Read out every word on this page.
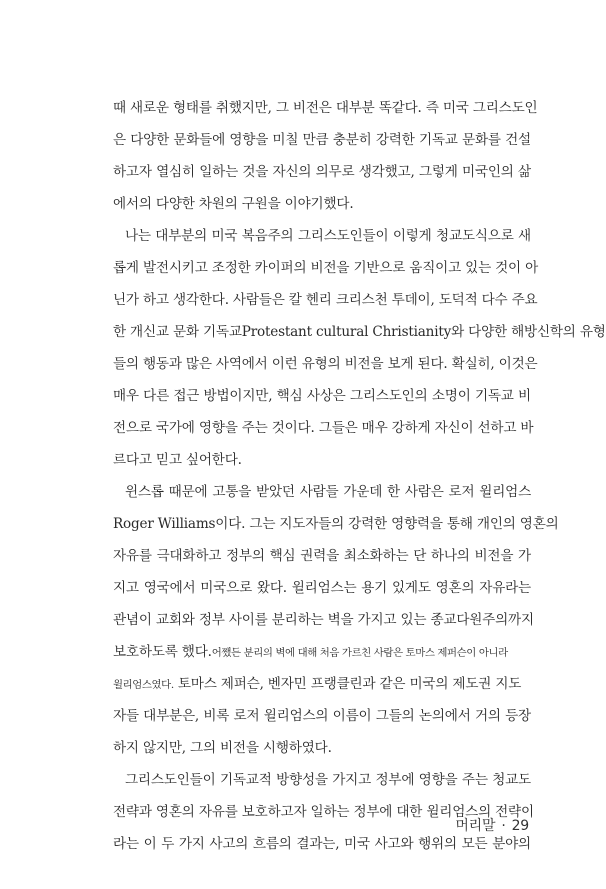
때 새로운 형태를 취했지만, 그 비전은 대부분 똑같다. 즉 미국 그리스도인
은 다양한 문화들에 영향을 미칠 만큼 충분히 강력한 기독교 문화를 건설
하고자 열심히 일하는 것을 자신의 의무로 생각했고, 그렇게 미국인의 삶
에서의 다양한 차원의 구원을 이야기했다.
나는 대부분의 미국 복음주의 그리스도인들이 이렇게 청교도식으로 새
롭게 발전시키고 조정한 카이퍼의 비전을 기반으로 움직이고 있는 것이 아
닌가 하고 생각한다. 사람들은 칼 헨리 크리스천 투데이, 도덕적 다수 주요
한 개신교 문화 기독교Protestant cultural Christianity와 다양한 해방신학의 유형
들의 행동과 많은 사역에서 이런 유형의 비전을 보게 된다. 확실히, 이것은
매우 다른 접근 방법이지만, 핵심 사상은 그리스도인의 소명이 기독교 비
전으로 국가에 영향을 주는 것이다. 그들은 매우 강하게 자신이 선하고 바
르다고 믿고 싶어한다.
윈스롭 때문에 고통을 받았던 사람들 가운데 한 사람은 로저 윌리엄스
Roger Williams이다. 그는 지도자들의 강력한 영향력을 통해 개인의 영혼의
자유를 극대화하고 정부의 핵심 권력을 최소화하는 단 하나의 비전을 가
지고 영국에서 미국으로 왔다. 윌리엄스는 용기 있게도 영혼의 자유라는
관념이 교회와 정부 사이를 분리하는 벽을 가지고 있는 종교다원주의까지
보호하도록 했다.어쨌든 분리의 벽에 대해 처음 가르친 사람은 토마스 제퍼슨이 아니라
윌리엄스였다. 토마스 제퍼슨, 벤자민 프랭클린과 같은 미국의 제도권 지도
자들 대부분은, 비록 로저 윌리엄스의 이름이 그들의 논의에서 거의 등장
하지 않지만, 그의 비전을 시행하였다.
그리스도인들이 기독교적 방향성을 가지고 정부에 영향을 주는 청교도
전략과 영혼의 자유를 보호하고자 일하는 정부에 대한 윌리엄스의 전략이
라는 이 두 가지 사고의 흐름의 결과는, 미국 사고와 행위의 모든 분야의
머리말 · 29
